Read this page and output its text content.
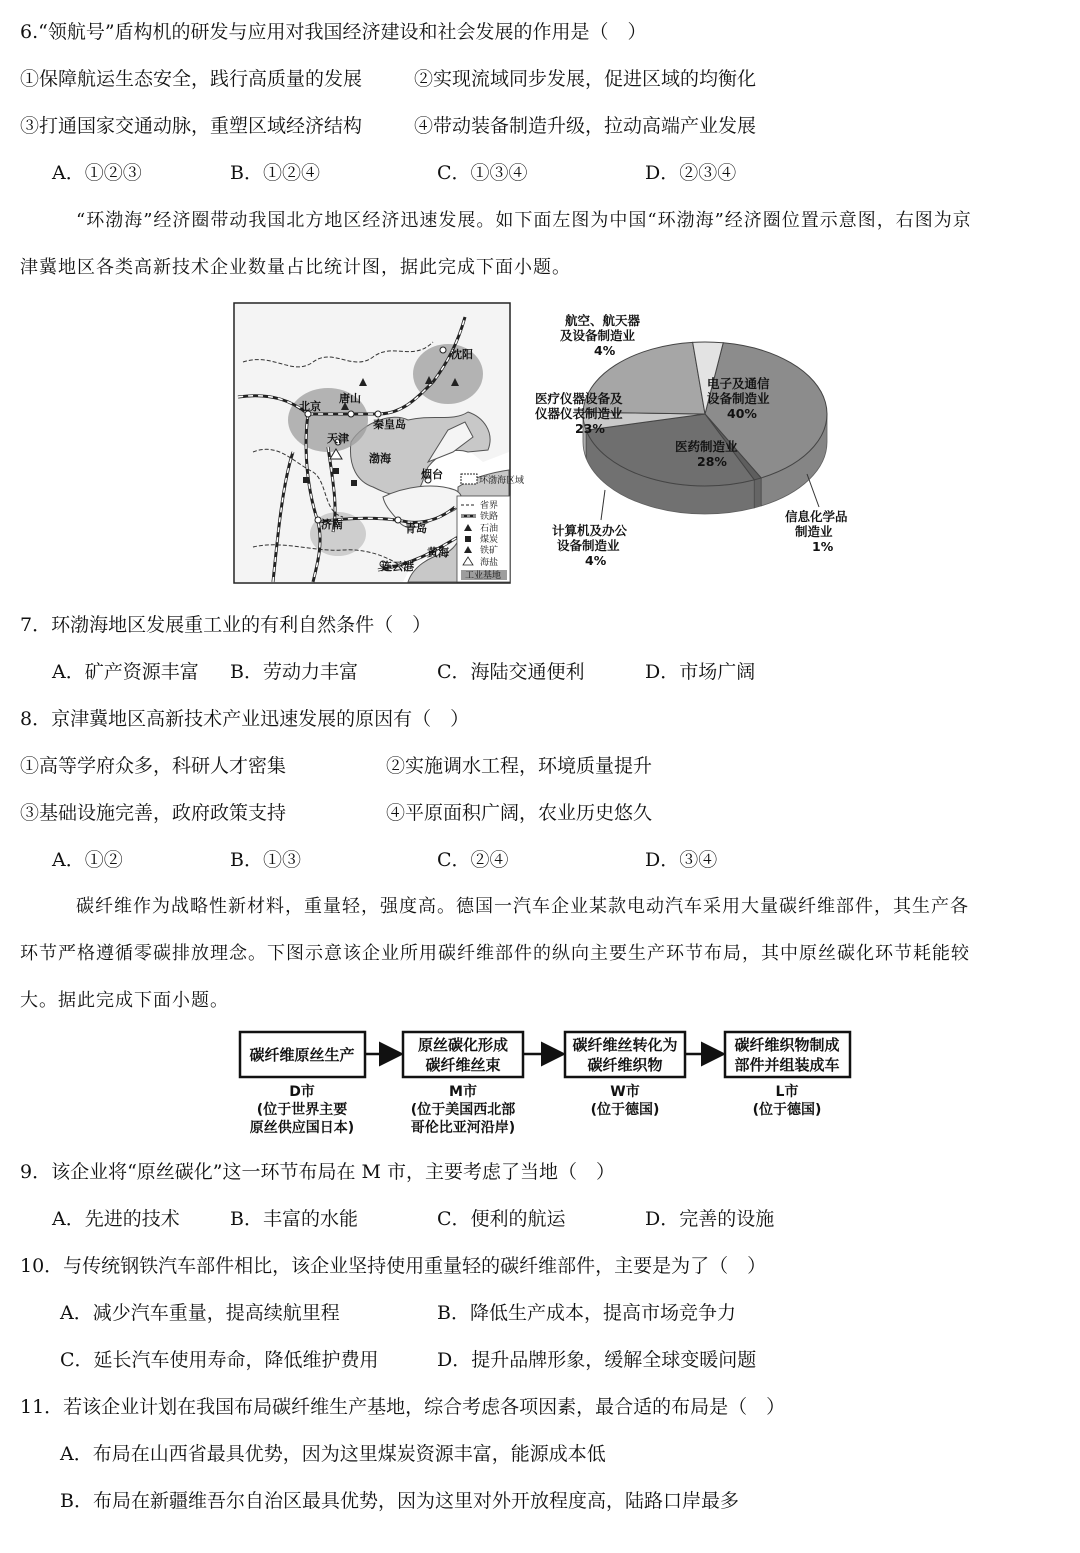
6.“领航号”盾构机的研发与应用对我国经济建设和社会发展的作用是（　）
①保障航运生态安全，践行高质量的发展	②实现流域同步发展，促进区域的均衡化
③打通国家交通动脉，重塑区域经济结构	④带动装备制造升级，拉动高端产业发展
A．①②③	B．①②④	C．①③④	D．②③④
“环渤海”经济圈带动我国北方地区经济迅速发展。如下面左图为中国“环渤海”经济圈位置示意图，右图为京
津冀地区各类高新技术企业数量占比统计图，据此完成下面小题。
北京
唐山
沈阳
秦皇岛
天津
渤海
烟台
济南	青岛
黄海
连云港
省界
铁路
石油
煤炭
铁矿
海盐
工业基地
环渤海区域
航空、航天器
及设备制造业
4%
电子及通信
设备制造业
40%
医疗仪器设备及
仪器仪表制造业
23%
医药制造业
28%
信息化学品
制造业
1%
计算机及办公
设备制造业
4%
7．环渤海地区发展重工业的有利自然条件（　）
A．矿产资源丰富 B．劳动力丰富	C．海陆交通便利	D．市场广阔
8．京津冀地区高新技术产业迅速发展的原因有（　）
①高等学府众多，科研人才密集	②实施调水工程，环境质量提升
③基础设施完善，政府政策支持	④平原面积广阔，农业历史悠久
A．①②	B．①③	C．②④	D．③④
碳纤维作为战略性新材料，重量轻，强度高。德国一汽车企业某款电动汽车采用大量碳纤维部件，其生产各
环节严格遵循零碳排放理念。下图示意该企业所用碳纤维部件的纵向主要生产环节布局，其中原丝碳化环节耗能较
大。据此完成下面小题。
碳纤维原丝生产
原丝碳化形成
碳纤维丝束
碳纤维丝转化为
碳纤维织物
碳纤维织物制成
部件并组装成车
D市
(位于世界主要
原丝供应国日本)
M市
(位于美国西北部
哥伦比亚河沿岸)
W市
(位于德国)
L市
(位于德国)
9．该企业将“原丝碳化”这一环节布局在 M 市，主要考虑了当地（　）
A．先进的技术	B．丰富的水能	C．便利的航运	D．完善的设施
10．与传统钢铁汽车部件相比，该企业坚持使用重量轻的碳纤维部件，主要是为了（　）
A．减少汽车重量，提高续航里程	B．降低生产成本，提高市场竞争力
C．延长汽车使用寿命，降低维护费用	D．提升品牌形象，缓解全球变暖问题
11．若该企业计划在我国布局碳纤维生产基地，综合考虑各项因素，最合适的布局是（　）
A．布局在山西省最具优势，因为这里煤炭资源丰富，能源成本低
B．布局在新疆维吾尔自治区最具优势，因为这里对外开放程度高，陆路口岸最多
